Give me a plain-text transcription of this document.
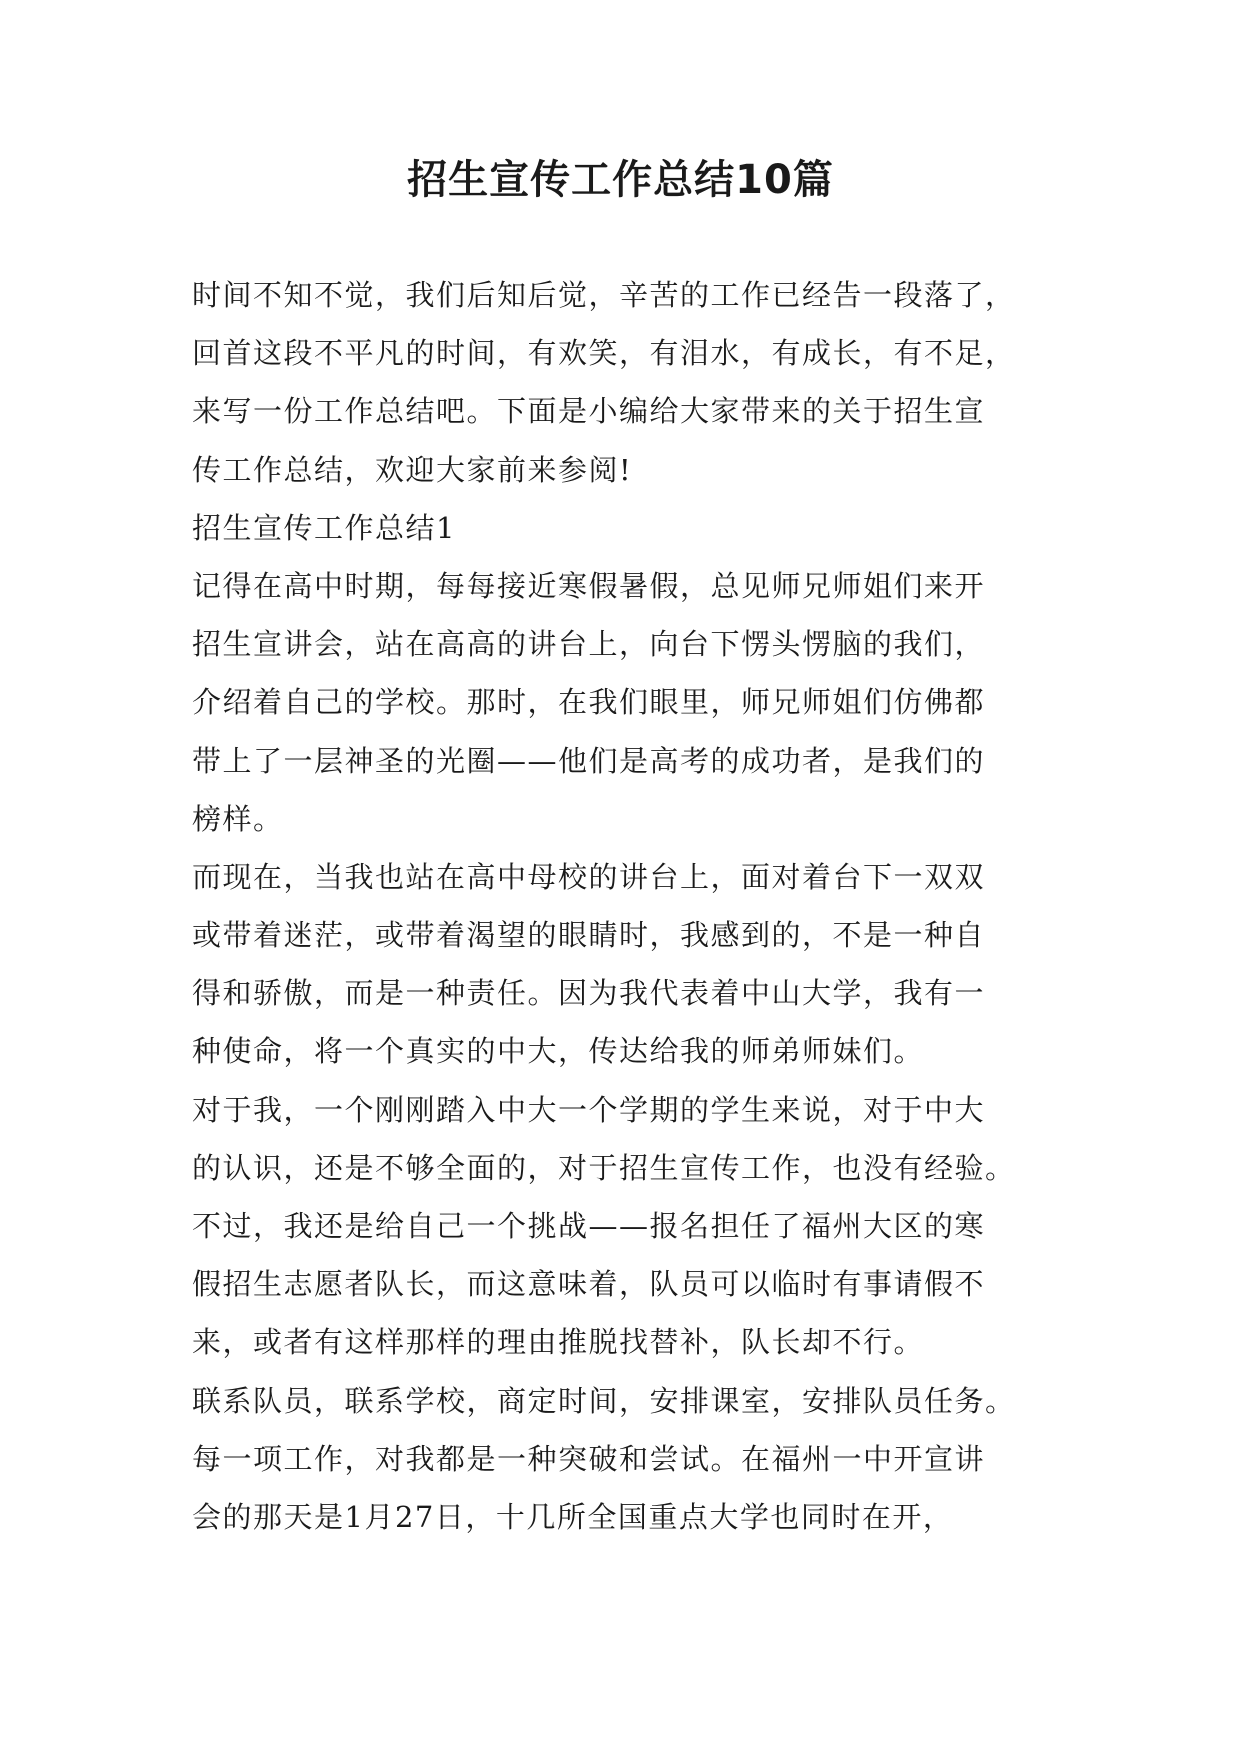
招生宣传工作总结10篇
时间不知不觉，我们后知后觉，辛苦的工作已经告一段落了，
回首这段不平凡的时间，有欢笑，有泪水，有成长，有不足，
来写一份工作总结吧。下面是小编给大家带来的关于招生宣
传工作总结，欢迎大家前来参阅!
招生宣传工作总结1
记得在高中时期，每每接近寒假暑假，总见师兄师姐们来开
招生宣讲会，站在高高的讲台上，向台下愣头愣脑的我们，
介绍着自己的学校。那时，在我们眼里，师兄师姐们仿佛都
带上了一层神圣的光圈——他们是高考的成功者，是我们的
榜样。
而现在，当我也站在高中母校的讲台上，面对着台下一双双
或带着迷茫，或带着渴望的眼睛时，我感到的，不是一种自
得和骄傲，而是一种责任。因为我代表着中山大学，我有一
种使命，将一个真实的中大，传达给我的师弟师妹们。
对于我，一个刚刚踏入中大一个学期的学生来说，对于中大
的认识，还是不够全面的，对于招生宣传工作，也没有经验。
不过，我还是给自己一个挑战——报名担任了福州大区的寒
假招生志愿者队长，而这意味着，队员可以临时有事请假不
来，或者有这样那样的理由推脱找替补，队长却不行。
联系队员，联系学校，商定时间，安排课室，安排队员任务。
每一项工作，对我都是一种突破和尝试。在福州一中开宣讲
会的那天是1月27日，十几所全国重点大学也同时在开，
